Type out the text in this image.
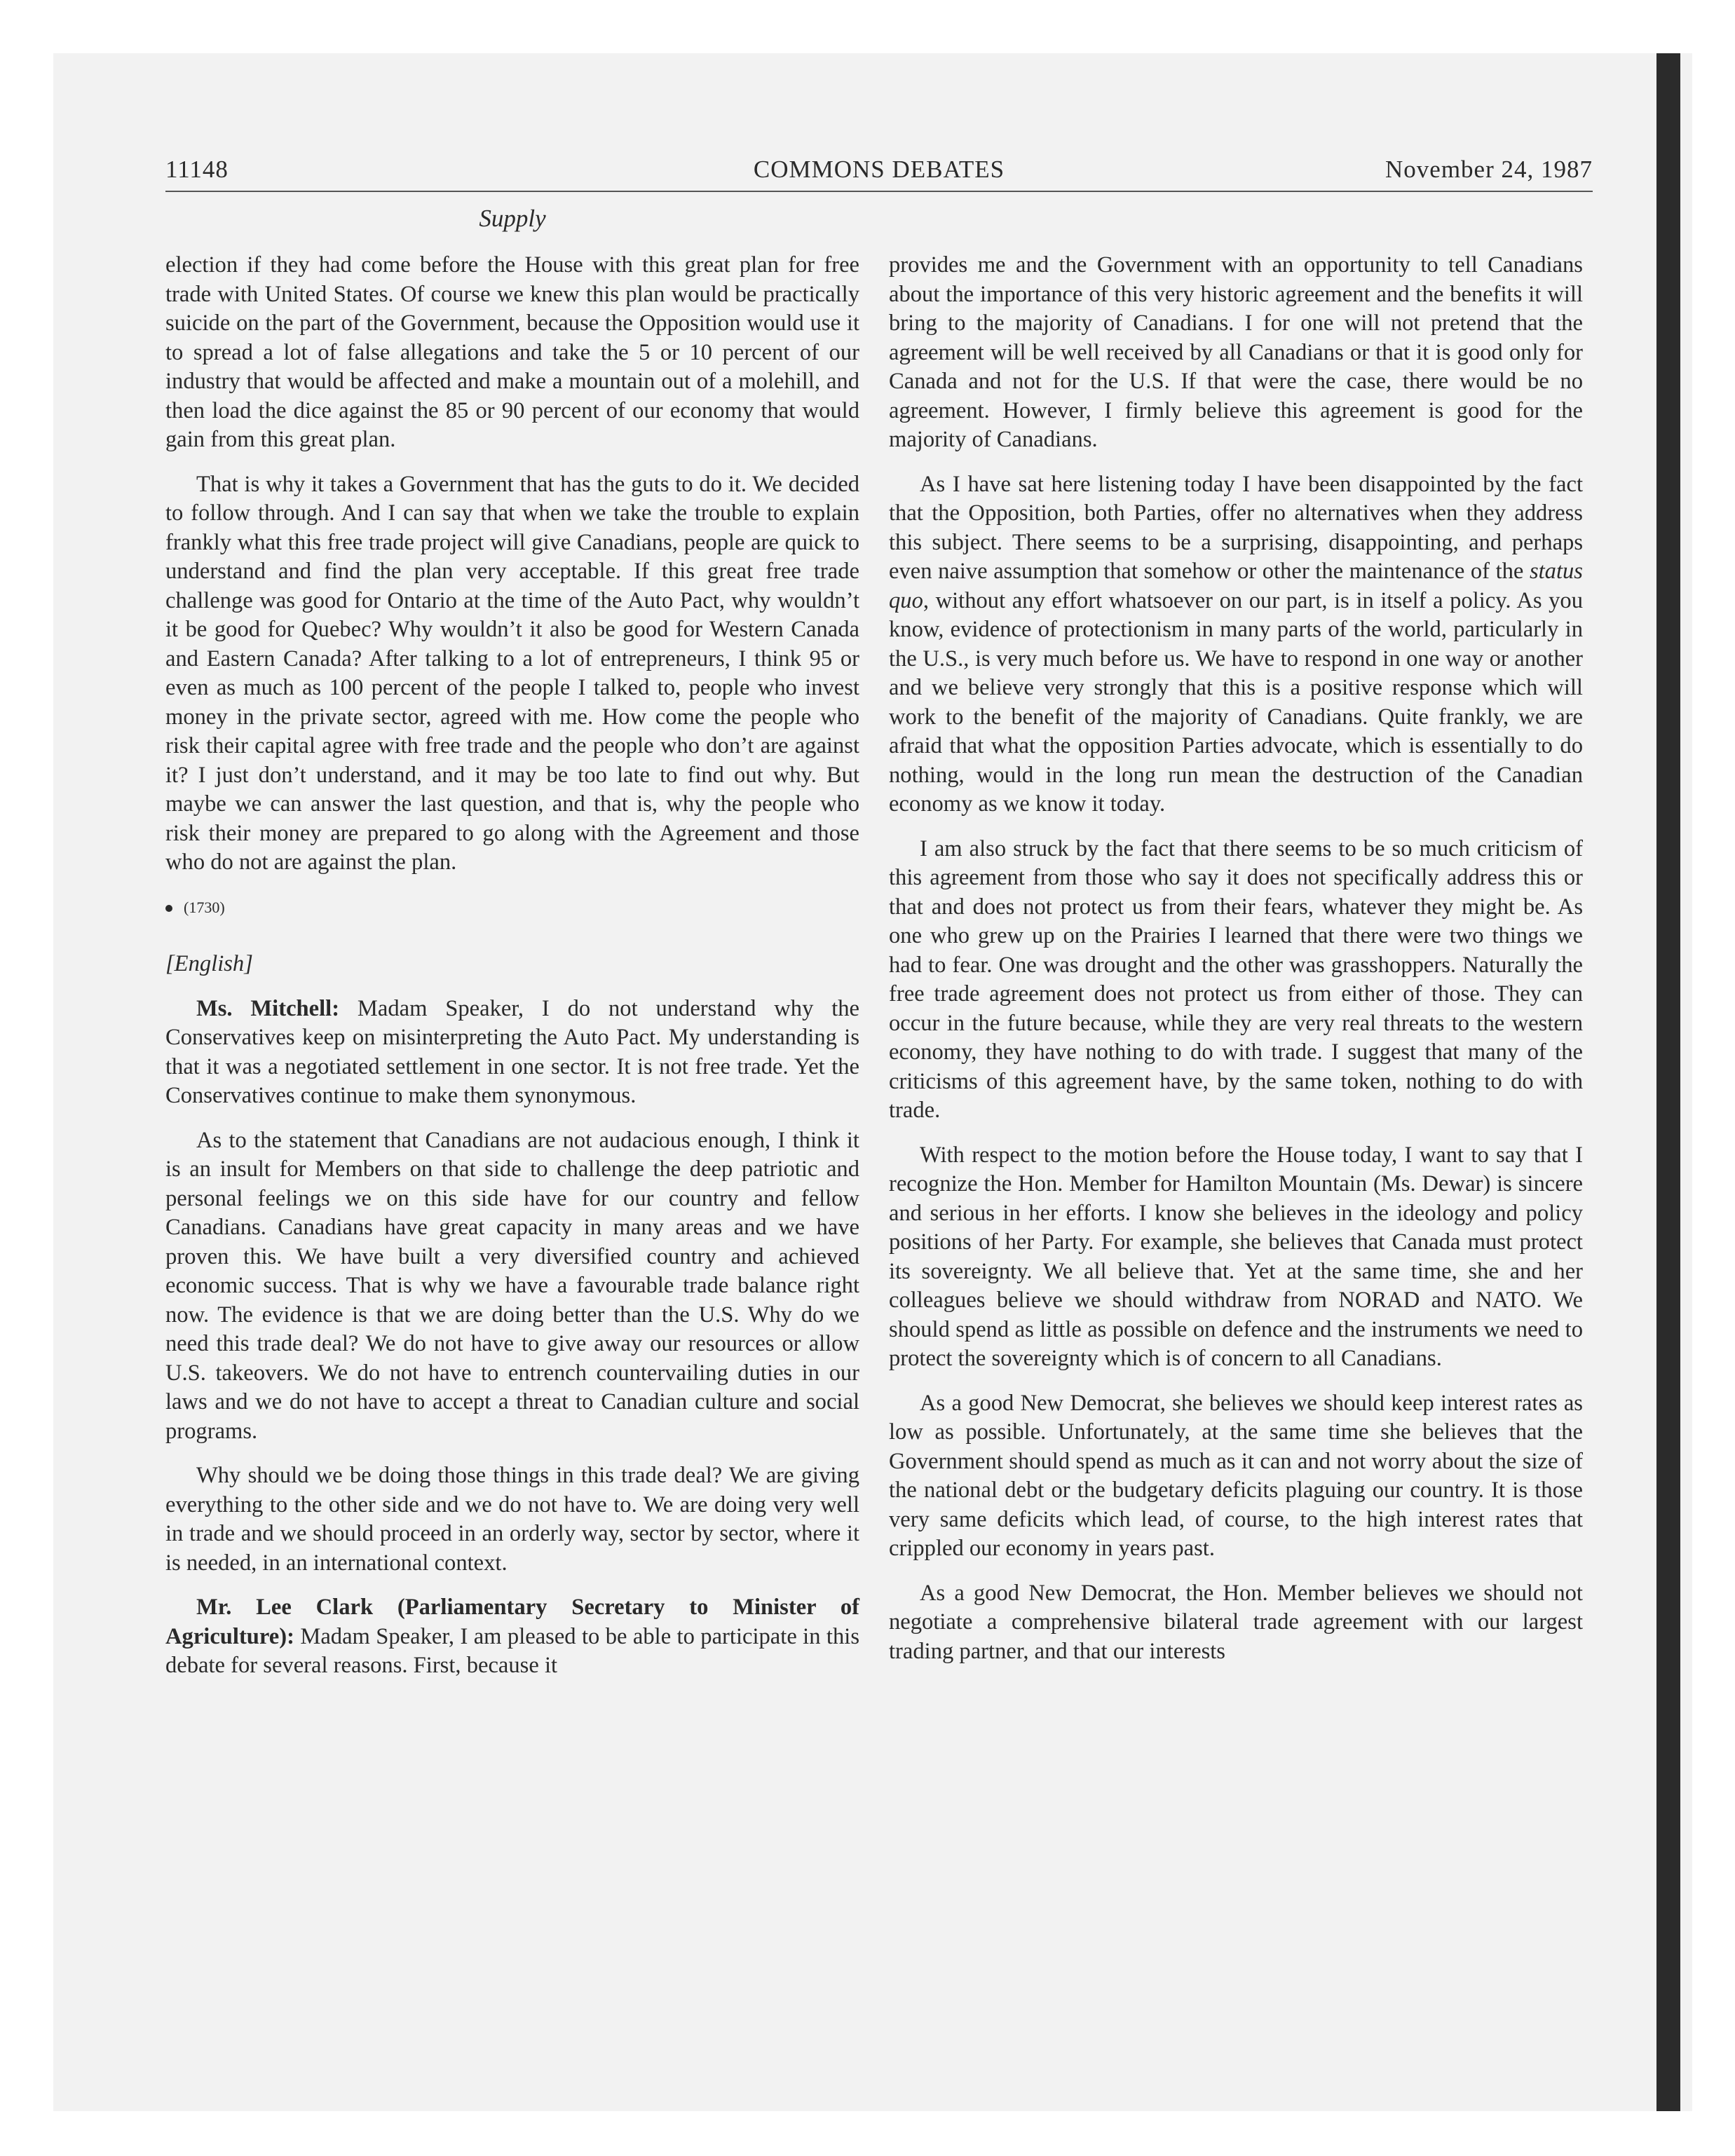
11148	COMMONS DEBATES	November 24, 1987
Supply

election if they had come before the House with this great plan for free trade with United States. Of course we knew this plan would be practically suicide on the part of the Government, because the Opposition would use it to spread a lot of false allegations and take the 5 or 10 percent of our industry that would be affected and make a mountain out of a molehill, and then load the dice against the 85 or 90 percent of our economy that would gain from this great plan.

That is why it takes a Government that has the guts to do it. We decided to follow through. And I can say that when we take the trouble to explain frankly what this free trade project will give Canadians, people are quick to understand and find the plan very acceptable. If this great free trade challenge was good for Ontario at the time of the Auto Pact, why wouldn’t it be good for Quebec? Why wouldn’t it also be good for Western Canada and Eastern Canada? After talking to a lot of entrepreneurs, I think 95 or even as much as 100 percent of the people I talked to, people who invest money in the private sector, agreed with me. How come the people who risk their capital agree with free trade and the people who don’t are against it? I just don’t understand, and it may be too late to find out why. But maybe we can answer the last question, and that is, why the people who risk their money are prepared to go along with the Agreement and those who do not are against the plan.

(1730)

[English]

Ms. Mitchell: Madam Speaker, I do not understand why the Conservatives keep on misinterpreting the Auto Pact. My understanding is that it was a negotiated settlement in one sector. It is not free trade. Yet the Conservatives continue to make them synonymous.

As to the statement that Canadians are not audacious enough, I think it is an insult for Members on that side to challenge the deep patriotic and personal feelings we on this side have for our country and fellow Canadians. Canadians have great capacity in many areas and we have proven this. We have built a very diversified country and achieved economic success. That is why we have a favourable trade balance right now. The evidence is that we are doing better than the U.S. Why do we need this trade deal? We do not have to give away our resources or allow U.S. takeovers. We do not have to entrench countervailing duties in our laws and we do not have to accept a threat to Canadian culture and social programs.

Why should we be doing those things in this trade deal? We are giving everything to the other side and we do not have to. We are doing very well in trade and we should proceed in an orderly way, sector by sector, where it is needed, in an international context.

Mr. Lee Clark (Parliamentary Secretary to Minister of Agriculture): Madam Speaker, I am pleased to be able to participate in this debate for several reasons. First, because it

provides me and the Government with an opportunity to tell Canadians about the importance of this very historic agreement and the benefits it will bring to the majority of Canadians. I for one will not pretend that the agreement will be well received by all Canadians or that it is good only for Canada and not for the U.S. If that were the case, there would be no agreement. However, I firmly believe this agreement is good for the majority of Canadians.

As I have sat here listening today I have been disappointed by the fact that the Opposition, both Parties, offer no alternatives when they address this subject. There seems to be a surprising, disappointing, and perhaps even naive assumption that somehow or other the maintenance of the status quo, without any effort whatsoever on our part, is in itself a policy. As you know, evidence of protectionism in many parts of the world, particularly in the U.S., is very much before us. We have to respond in one way or another and we believe very strongly that this is a positive response which will work to the benefit of the majority of Canadians. Quite frankly, we are afraid that what the opposition Parties advocate, which is essentially to do nothing, would in the long run mean the destruction of the Canadian economy as we know it today.

I am also struck by the fact that there seems to be so much criticism of this agreement from those who say it does not specifically address this or that and does not protect us from their fears, whatever they might be. As one who grew up on the Prairies I learned that there were two things we had to fear. One was drought and the other was grasshoppers. Naturally the free trade agreement does not protect us from either of those. They can occur in the future because, while they are very real threats to the western economy, they have nothing to do with trade. I suggest that many of the criticisms of this agreement have, by the same token, nothing to do with trade.

With respect to the motion before the House today, I want to say that I recognize the Hon. Member for Hamilton Mountain (Ms. Dewar) is sincere and serious in her efforts. I know she believes in the ideology and policy positions of her Party. For example, she believes that Canada must protect its sovereignty. We all believe that. Yet at the same time, she and her colleagues believe we should withdraw from NORAD and NATO. We should spend as little as possible on defence and the instruments we need to protect the sovereignty which is of concern to all Canadians.

As a good New Democrat, she believes we should keep interest rates as low as possible. Unfortunately, at the same time she believes that the Government should spend as much as it can and not worry about the size of the national debt or the budgetary deficits plaguing our country. It is those very same deficits which lead, of course, to the high interest rates that crippled our economy in years past.

As a good New Democrat, the Hon. Member believes we should not negotiate a comprehensive bilateral trade agreement with our largest trading partner, and that our interests
